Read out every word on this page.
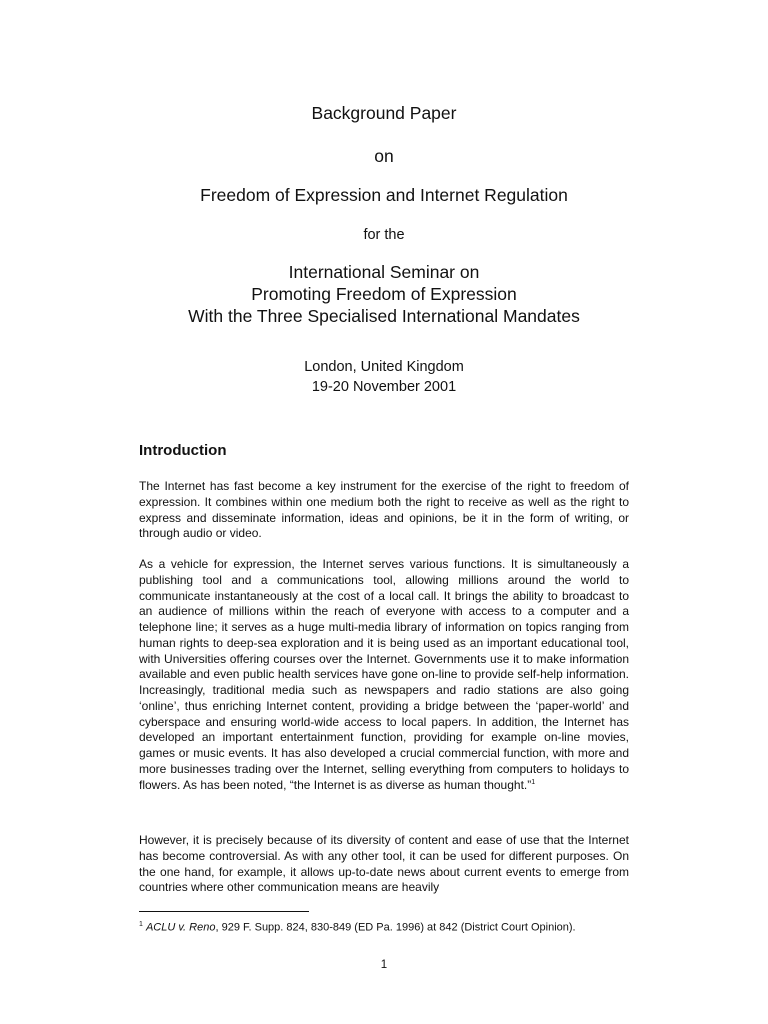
Background Paper

on

Freedom of Expression and Internet Regulation

for the

International Seminar on
Promoting Freedom of Expression
With the Three Specialised International Mandates
London, United Kingdom
19-20 November 2001
Introduction

The Internet has fast become a key instrument for the exercise of the right to freedom of expression. It combines within one medium both the right to receive as well as the right to express and disseminate information, ideas and opinions, be it in the form of writing, or through audio or video.

As a vehicle for expression, the Internet serves various functions. It is simultaneously a publishing tool and a communications tool, allowing millions around the world to communicate instantaneously at the cost of a local call. It brings the ability to broadcast to an audience of millions within the reach of everyone with access to a computer and a telephone line; it serves as a huge multi-media library of information on topics ranging from human rights to deep-sea exploration and it is being used as an important educational tool, with Universities offering courses over the Internet. Governments use it to make information available and even public health services have gone on-line to provide self-help information. Increasingly, traditional media such as newspapers and radio stations are also going ‘online’, thus enriching Internet content, providing a bridge between the ‘paper-world’ and cyberspace and ensuring world-wide access to local papers. In addition, the Internet has developed an important entertainment function, providing for example on-line movies, games or music events. It has also developed a crucial commercial function, with more and more businesses trading over the Internet, selling everything from computers to holidays to flowers. As has been noted, “the Internet is as diverse as human thought.”$^1$

However, it is precisely because of its diversity of content and ease of use that the Internet has become controversial. As with any other tool, it can be used for different purposes. On the one hand, for example, it allows up-to-date news about current events to emerge from countries where other communication means are heavily

$^1$ ACLU v. Reno, 929 F. Supp. 824, 830-849 (ED Pa. 1996) at 842 (District Court Opinion).

1
